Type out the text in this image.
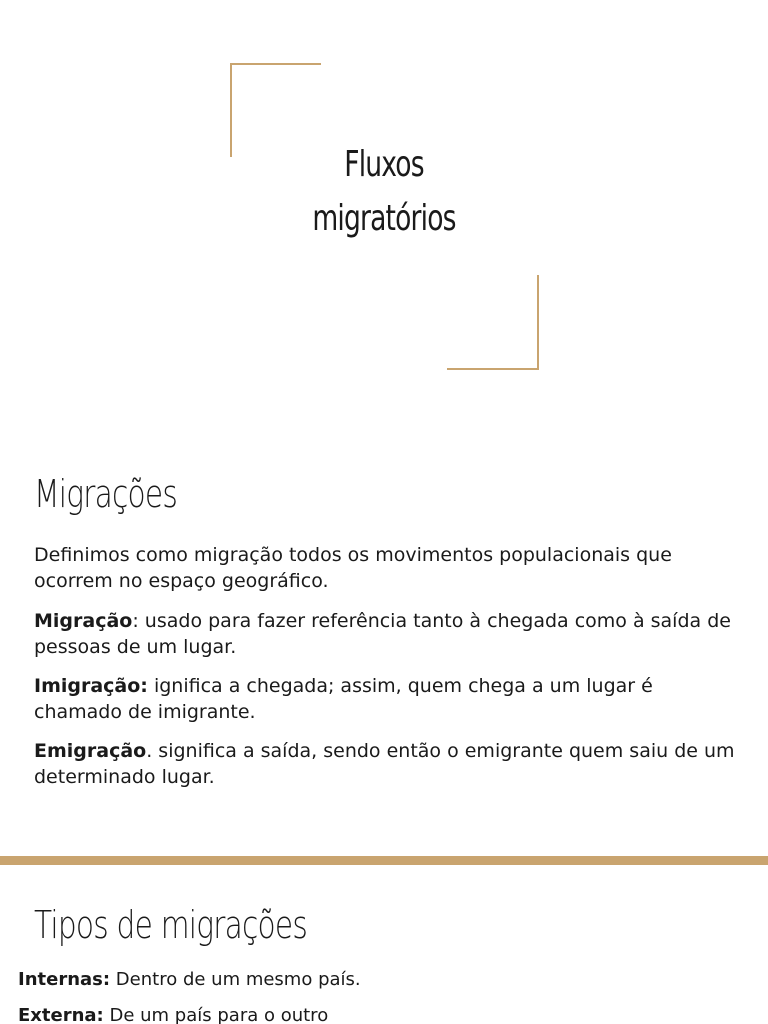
Fluxos
migratórios
Migrações

Definimos como migração todos os movimentos populacionais que ocorrem no espaço geográfico.

Migração: usado para fazer referência tanto à chegada como à saída de pessoas de um lugar.

Imigração: ignifica a chegada; assim, quem chega a um lugar é chamado de imigrante.

Emigração. significa a saída, sendo então o emigrante quem saiu de um determinado lugar.

Tipos de migrações
Internas: Dentro de um mesmo país.
Externa: De um país para o outro
